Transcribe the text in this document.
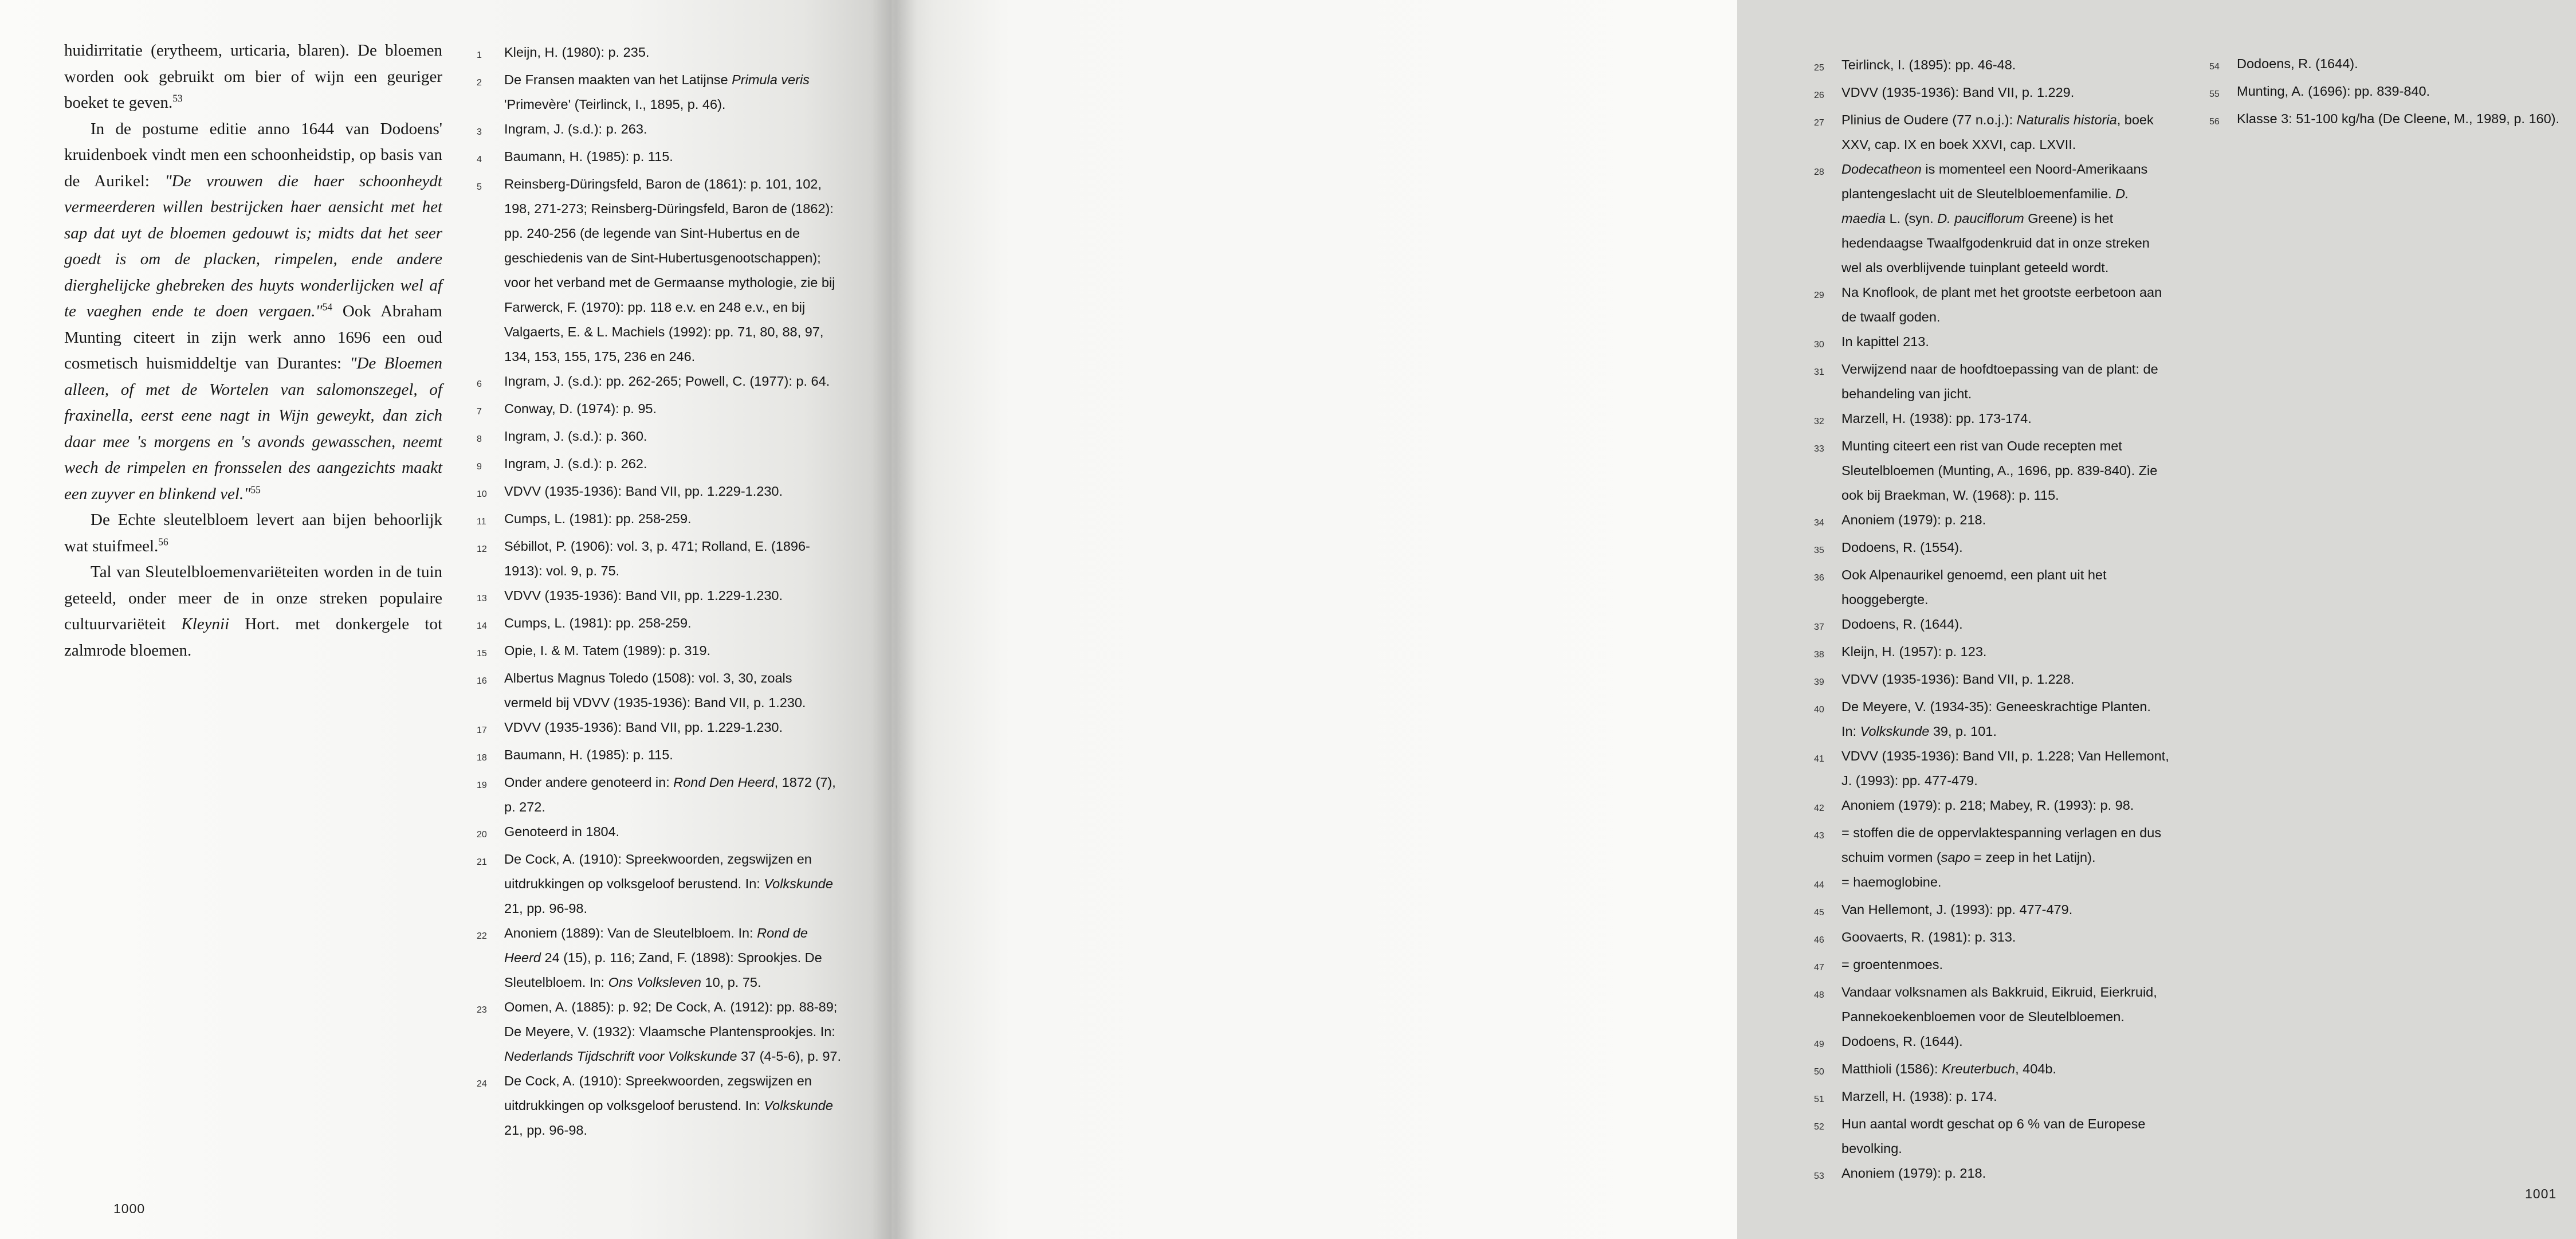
huidirritatie (erytheem, urticaria, blaren). De bloemen worden ook gebruikt om bier of wijn een geuriger boeket te geven.$^{53}$

In de postume editie anno 1644 van Dodoens' kruidenboek vindt men een schoonheidstip, op basis van de Aurikel: "De vrouwen die haer schoonheydt vermeerderen willen bestrijcken haer aensicht met het sap dat uyt de bloemen gedouwt is; midts dat het seer goedt is om de placken, rimpelen, ende andere dierghelijcke ghebreken des huyts wonderlijcken wel af te vaeghen ende te doen vergaen."$^{54}$ Ook Abraham Munting citeert in zijn werk anno 1696 een oud cosmetisch huismiddeltje van Durantes: "De Bloemen alleen, of met de Wortelen van salomonszegel, of fraxinella, eerst eene nagt in Wijn geweykt, dan zich daar mee 's morgens en 's avonds gewasschen, neemt wech de rimpelen en fronsselen des aangezichts maakt een zuyver en blinkend vel."$^{55}$

De Echte sleutelbloem levert aan bijen behoorlijk wat stuifmeel.$^{56}$

Tal van Sleutelbloemenvariëteiten worden in de tuin geteeld, onder meer de in onze streken populaire cultuurvariëteit Kleynii Hort. met donkergele tot zalmrode bloemen.

1	Kleijn, H. (1980): p. 235.
2	De Fransen maakten van het Latijnse Primula veris 'Primevère' (Teirlinck, I., 1895, p. 46).
3	Ingram, J. (s.d.): p. 263.
4	Baumann, H. (1985): p. 115.
5	Reinsberg-Düringsfeld, Baron de (1861): p. 101, 102, 198, 271-273; Reinsberg-Düringsfeld, Baron de (1862): pp. 240-256 (de legende van Sint-Hubertus en de geschiedenis van de Sint-Hubertusgenootschappen); voor het verband met de Germaanse mythologie, zie bij Farwerck, F. (1970): pp. 118 e.v. en 248 e.v., en bij Valgaerts, E. & L. Machiels (1992): pp. 71, 80, 88, 97, 134, 153, 155, 175, 236 en 246.
6	Ingram, J. (s.d.): pp. 262-265; Powell, C. (1977): p. 64.
7	Conway, D. (1974): p. 95.
8	Ingram, J. (s.d.): p. 360.
9	Ingram, J. (s.d.): p. 262.
10	VDVV (1935-1936): Band VII, pp. 1.229-1.230.
11	Cumps, L. (1981): pp. 258-259.
12	Sébillot, P. (1906): vol. 3, p. 471; Rolland, E. (1896-1913): vol. 9, p. 75.
13	VDVV (1935-1936): Band VII, pp. 1.229-1.230.
14	Cumps, L. (1981): pp. 258-259.
15	Opie, I. & M. Tatem (1989): p. 319.
16	Albertus Magnus Toledo (1508): vol. 3, 30, zoals vermeld bij VDVV (1935-1936): Band VII, p. 1.230.
17	VDVV (1935-1936): Band VII, pp. 1.229-1.230.
18	Baumann, H. (1985): p. 115.
19	Onder andere genoteerd in: Rond Den Heerd, 1872 (7), p. 272.
20	Genoteerd in 1804.
21	De Cock, A. (1910): Spreekwoorden, zegswijzen en uitdrukkingen op volksgeloof berustend. In: Volkskunde 21, pp. 96-98.
22	Anoniem (1889): Van de Sleutelbloem. In: Rond de Heerd 24 (15), p. 116; Zand, F. (1898): Sprookjes. De Sleutelbloem. In: Ons Volksleven 10, p. 75.
23	Oomen, A. (1885): p. 92; De Cock, A. (1912): pp. 88-89; De Meyere, V. (1932): Vlaamsche Plantensprookjes. In: Nederlands Tijdschrift voor Volkskunde 37 (4-5-6), p. 97.
24	De Cock, A. (1910): Spreekwoorden, zegswijzen en uitdrukkingen op volksgeloof berustend. In: Volkskunde 21, pp. 96-98.
1000
25	Teirlinck, I. (1895): pp. 46-48.
26	VDVV (1935-1936): Band VII, p. 1.229.
27	Plinius de Oudere (77 n.o.j.): Naturalis historia, boek XXV, cap. IX en boek XXVI, cap. LXVII.
28	Dodecatheon is momenteel een Noord-Amerikaans plantengeslacht uit de Sleutelbloemenfamilie. D. maedia L. (syn. D. pauciflorum Greene) is het hedendaagse Twaalfgodenkruid dat in onze streken wel als overblijvende tuinplant geteeld wordt.
29	Na Knoflook, de plant met het grootste eerbetoon aan de twaalf goden.
30	In kapittel 213.
31	Verwijzend naar de hoofdtoepassing van de plant: de behandeling van jicht.
32	Marzell, H. (1938): pp. 173-174.
33	Munting citeert een rist van Oude recepten met Sleutelbloemen (Munting, A., 1696, pp. 839-840). Zie ook bij Braekman, W. (1968): p. 115.
34	Anoniem (1979): p. 218.
35	Dodoens, R. (1554).
36	Ook Alpenaurikel genoemd, een plant uit het hooggebergte.
37	Dodoens, R. (1644).
38	Kleijn, H. (1957): p. 123.
39	VDVV (1935-1936): Band VII, p. 1.228.
40	De Meyere, V. (1934-35): Geneeskrachtige Planten. In: Volkskunde 39, p. 101.
41	VDVV (1935-1936): Band VII, p. 1.228; Van Hellemont, J. (1993): pp. 477-479.
42	Anoniem (1979): p. 218; Mabey, R. (1993): p. 98.
43	= stoffen die de oppervlaktespanning verlagen en dus schuim vormen (sapo = zeep in het Latijn).
44	= haemoglobine.
45	Van Hellemont, J. (1993): pp. 477-479.
46	Goovaerts, R. (1981): p. 313.
47	= groentenmoes.
48	Vandaar volksnamen als Bakkruid, Eikruid, Eierkruid, Pannekoekenbloemen voor de Sleutelbloemen.
49	Dodoens, R. (1644).
50	Matthioli (1586): Kreuterbuch, 404b.
51	Marzell, H. (1938): p. 174.
52	Hun aantal wordt geschat op 6 % van de Europese bevolking.
53	Anoniem (1979): p. 218.
54	Dodoens, R. (1644).
55	Munting, A. (1696): pp. 839-840.
56	Klasse 3: 51-100 kg/ha (De Cleene, M., 1989, p. 160).
1001
